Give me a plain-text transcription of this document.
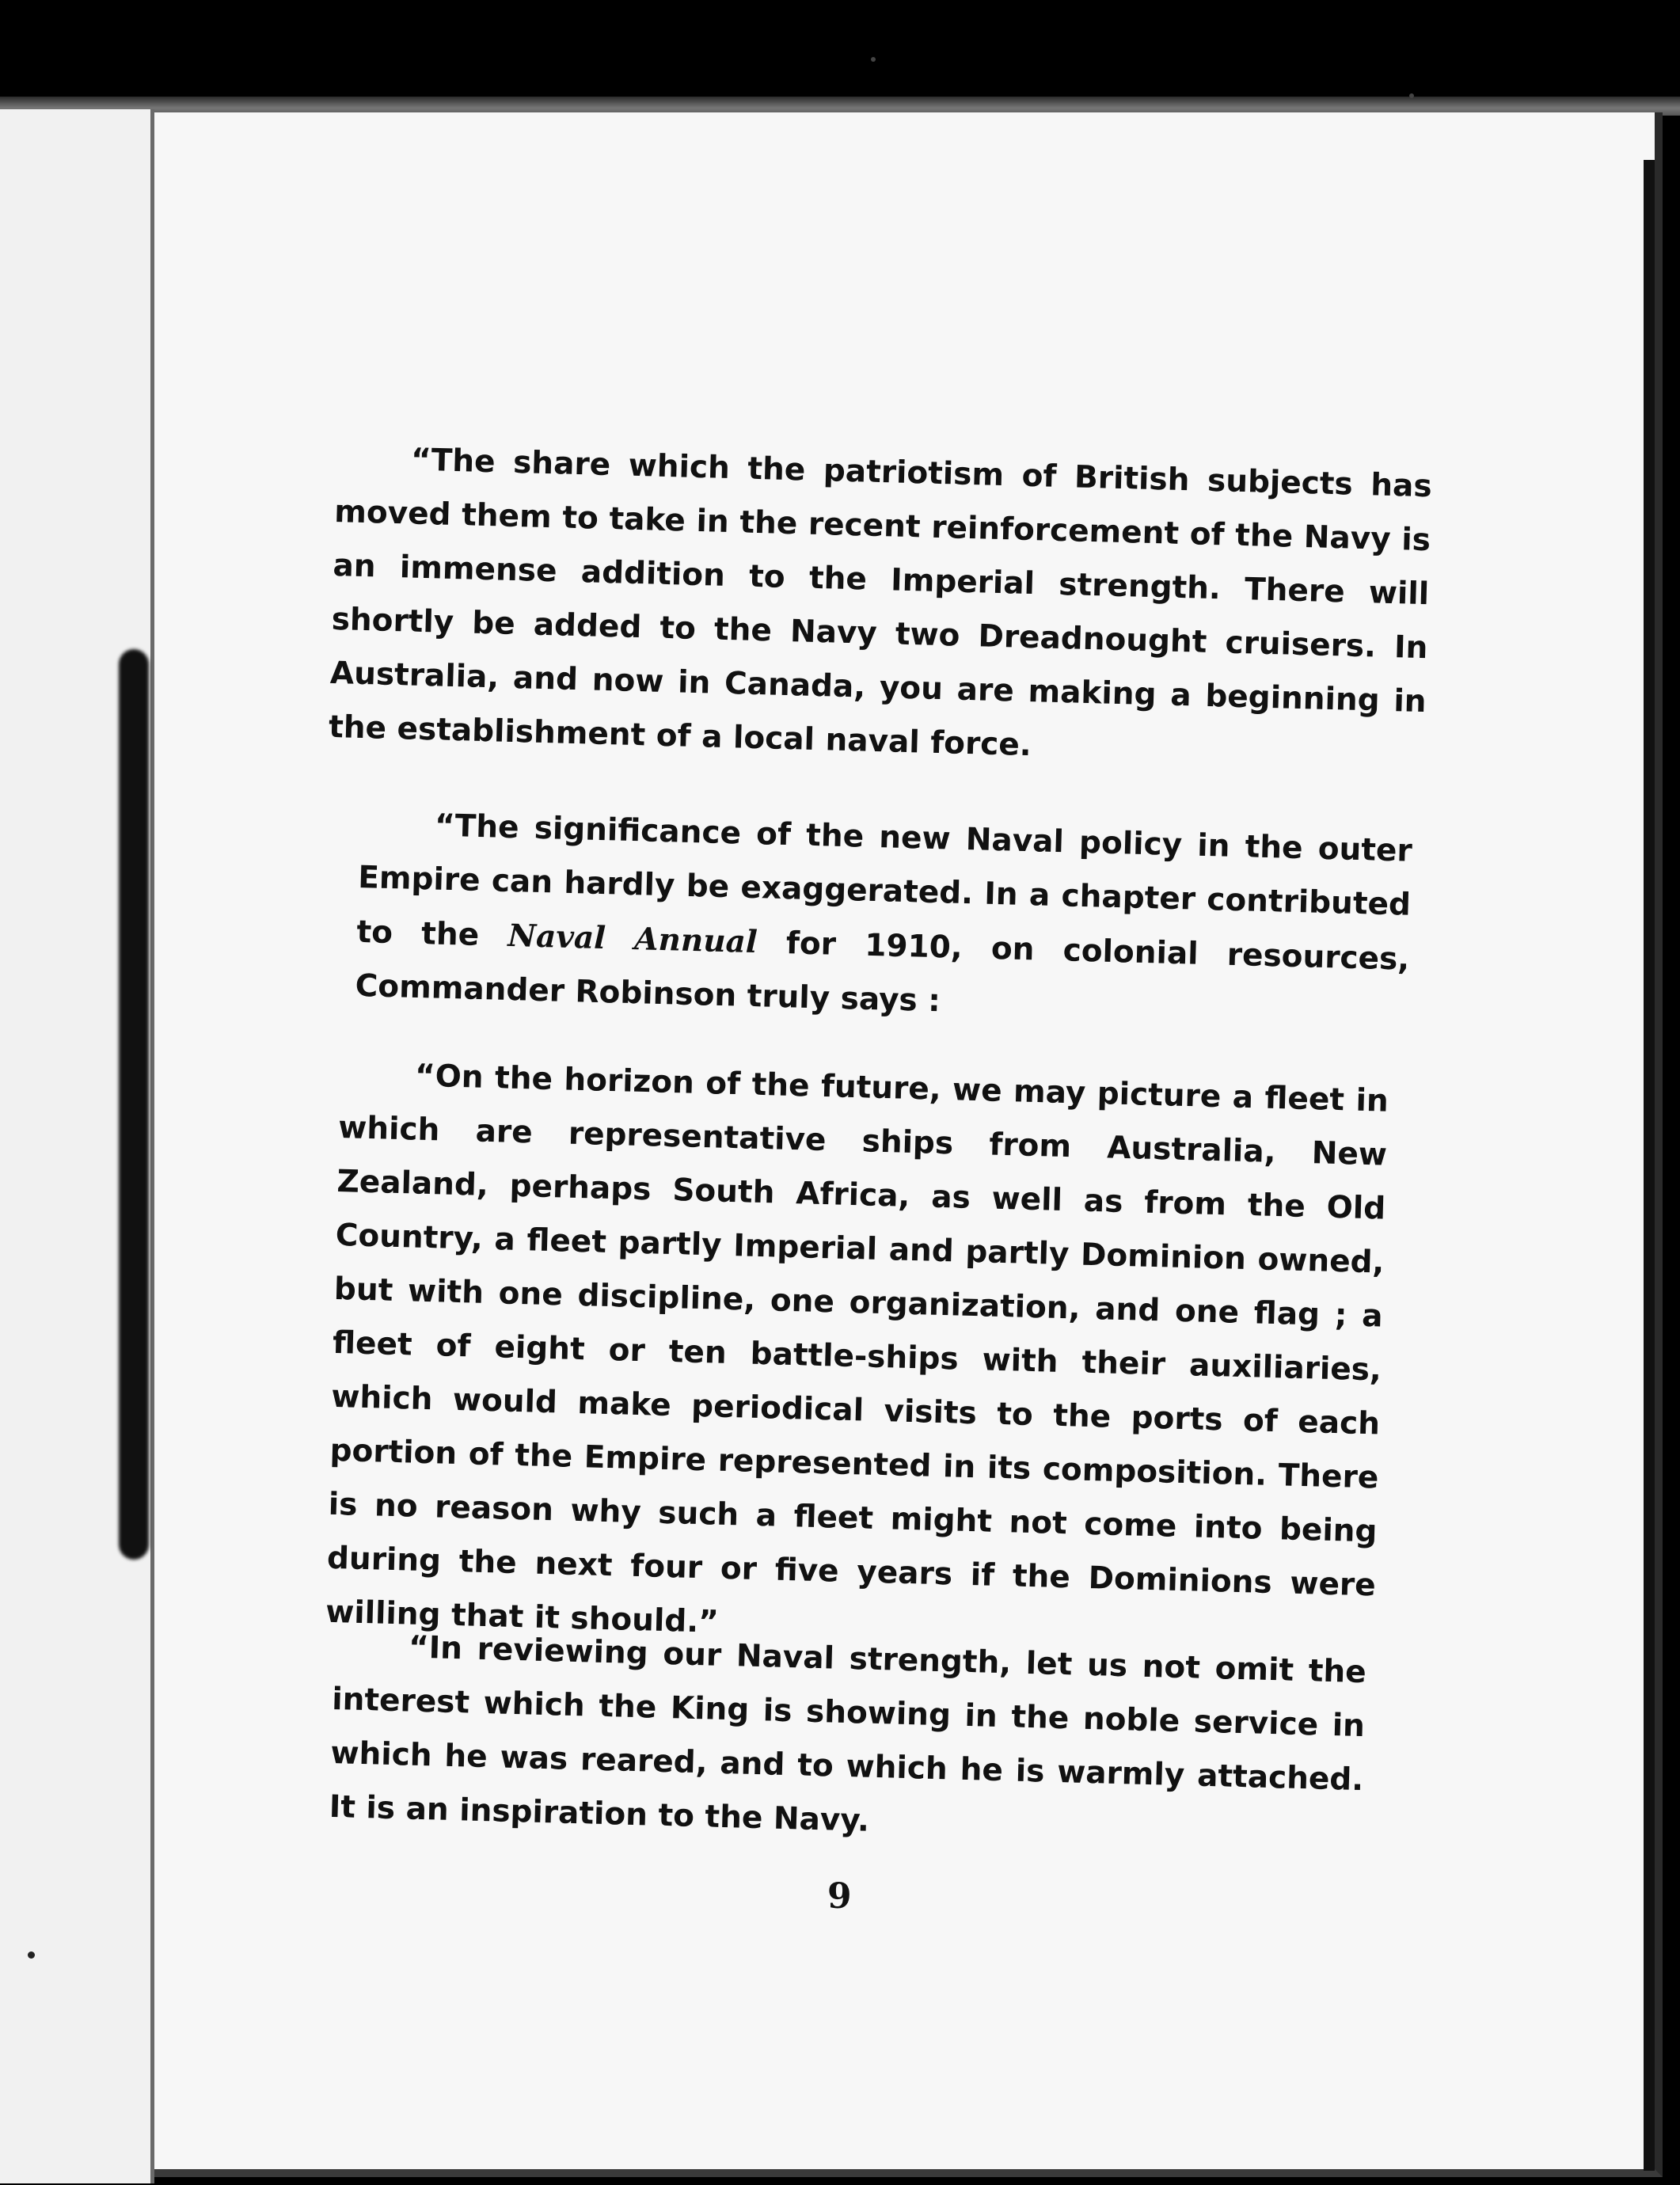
“The share which the patriotism of British subjects has moved them to take in the recent reinforcement of the Navy is an immense addition to the Imperial strength. There will shortly be added to the Navy two Dreadnought cruisers. In Australia, and now in Canada, you are making a beginning in the establishment of a local naval force.

“The significance of the new Naval policy in the outer Empire can hardly be exaggerated. In a chapter contributed to the Naval Annual for 1910, on colonial resources, Commander Robinson truly says :

“On the horizon of the future, we may picture a fleet in which are representative ships from Australia, New Zealand, perhaps South Africa, as well as from the Old Country, a fleet partly Imperial and partly Dominion owned, but with one discipline, one organization, and one flag ; a fleet of eight or ten battle-ships with their auxiliaries, which would make periodical visits to the ports of each portion of the Empire represented in its composition. There is no reason why such a fleet might not come into being during the next four or five years if the Dominions were willing that it should.”

“In reviewing our Naval strength, let us not omit the interest which the King is showing in the noble service in which he was reared, and to which he is warmly attached. It is an inspiration to the Navy.

9
